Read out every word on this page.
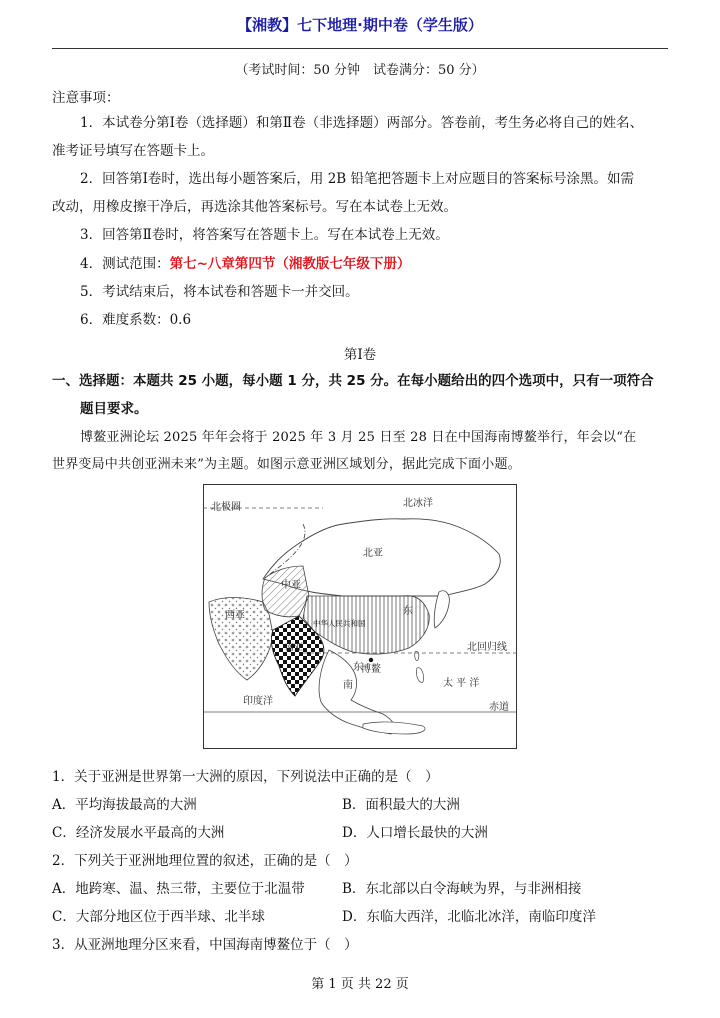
【湘教】七下地理·期中卷（学生版）
（考试时间：50 分钟　试卷满分：50 分）
注意事项：
1．本试卷分第Ⅰ卷（选择题）和第Ⅱ卷（非选择题）两部分。答卷前，考生务必将自己的姓名、
准考证号填写在答题卡上。
2．回答第Ⅰ卷时，选出每小题答案后，用 2B 铅笔把答题卡上对应题目的答案标号涂黑。如需
改动，用橡皮擦干净后，再选涂其他答案标号。写在本试卷上无效。
3．回答第Ⅱ卷时，将答案写在答题卡上。写在本试卷上无效。
4．测试范围：第七~八章第四节（湘教版七年级下册）
5．考试结束后，将本试卷和答题卡一并交回。
6．难度系数：0.6
第Ⅰ卷
一、选择题：本题共 25 小题，每小题 1 分，共 25 分。在每小题给出的四个选项中，只有一项符合
题目要求。
博鳌亚洲论坛 2025 年年会将于 2025 年 3 月 25 日至 28 日在中国海南博鳌举行，年会以“在
世界变局中共创亚洲未来”为主题。如图示意亚洲区域划分，据此完成下面小题。
北极圈	北冰洋
北亚
中亚
西亚	东
中华人民共和国
南亚
东
南
博鳌
北回归线
太 平 洋
印度洋
赤道
1．关于亚洲是世界第一大洲的原因，下列说法中正确的是（　）
A．平均海拔最高的大洲	B．面积最大的大洲
C．经济发展水平最高的大洲	D．人口增长最快的大洲
2．下列关于亚洲地理位置的叙述，正确的是（　）
A．地跨寒、温、热三带，主要位于北温带	B．东北部以白令海峡为界，与非洲相接
C．大部分地区位于西半球、北半球	D．东临大西洋，北临北冰洋，南临印度洋
3．从亚洲地理分区来看，中国海南博鳌位于（　）
第 1 页 共 22 页
